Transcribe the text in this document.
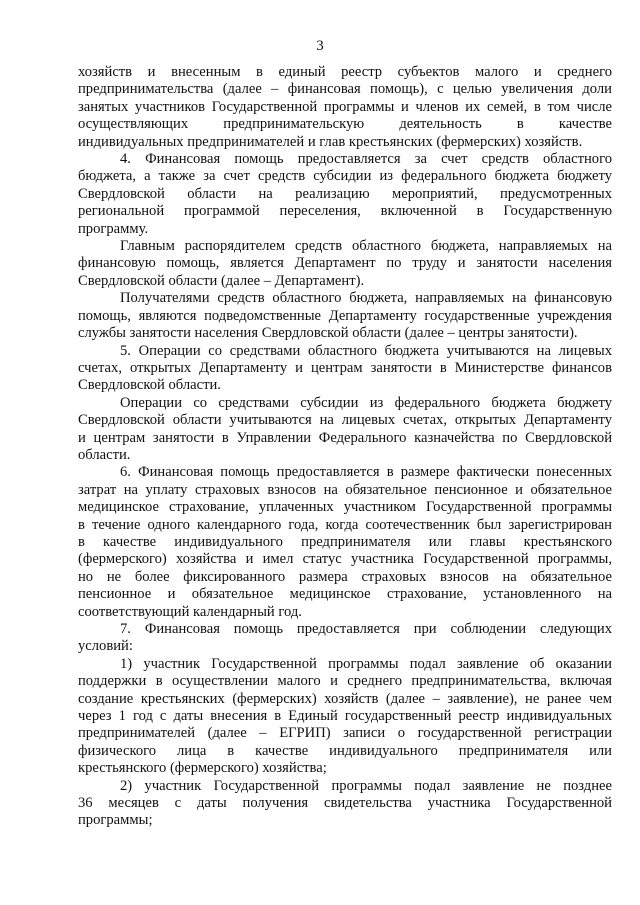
3

хозяйств и внесенным в единый реестр субъектов малого и среднего

предпринимательства (далее – финансовая помощь), с целью увеличения доли

занятых участников Государственной программы и членов их семей, в том числе

осуществляющих предпринимательскую деятельность в качестве

индивидуальных предпринимателей и глав крестьянских (фермерских) хозяйств.

4. Финансовая помощь предоставляется за счет средств областного

бюджета, а также за счет средств субсидии из федерального бюджета бюджету

Свердловской области на реализацию мероприятий, предусмотренных

региональной программой переселения, включенной в Государственную

программу.

Главным распорядителем средств областного бюджета, направляемых на

финансовую помощь, является Департамент по труду и занятости населения

Свердловской области (далее – Департамент).

Получателями средств областного бюджета, направляемых на финансовую

помощь, являются подведомственные Департаменту государственные учреждения

службы занятости населения Свердловской области (далее – центры занятости).

5. Операции со средствами областного бюджета учитываются на лицевых

счетах, открытых Департаменту и центрам занятости в Министерстве финансов

Свердловской области.

Операции со средствами субсидии из федерального бюджета бюджету

Свердловской области учитываются на лицевых счетах, открытых Департаменту

и центрам занятости в Управлении Федерального казначейства по Свердловской

области.

6. Финансовая помощь предоставляется в размере фактически понесенных

затрат на уплату страховых взносов на обязательное пенсионное и обязательное

медицинское страхование, уплаченных участником Государственной программы

в течение одного календарного года, когда соотечественник был зарегистрирован

в качестве индивидуального предпринимателя или главы крестьянского

(фермерского) хозяйства и имел статус участника Государственной программы,

но не более фиксированного размера страховых взносов на обязательное

пенсионное и обязательное медицинское страхование, установленного на

соответствующий календарный год.

7. Финансовая помощь предоставляется при соблюдении следующих

условий:

1) участник Государственной программы подал заявление об оказании

поддержки в осуществлении малого и среднего предпринимательства, включая

создание крестьянских (фермерских) хозяйств (далее – заявление), не ранее чем

через 1 год с даты внесения в Единый государственный реестр индивидуальных

предпринимателей (далее – ЕГРИП) записи о государственной регистрации

физического лица в качестве индивидуального предпринимателя или

крестьянского (фермерского) хозяйства;

2) участник Государственной программы подал заявление не позднее

36 месяцев с даты получения свидетельства участника Государственной

программы;
